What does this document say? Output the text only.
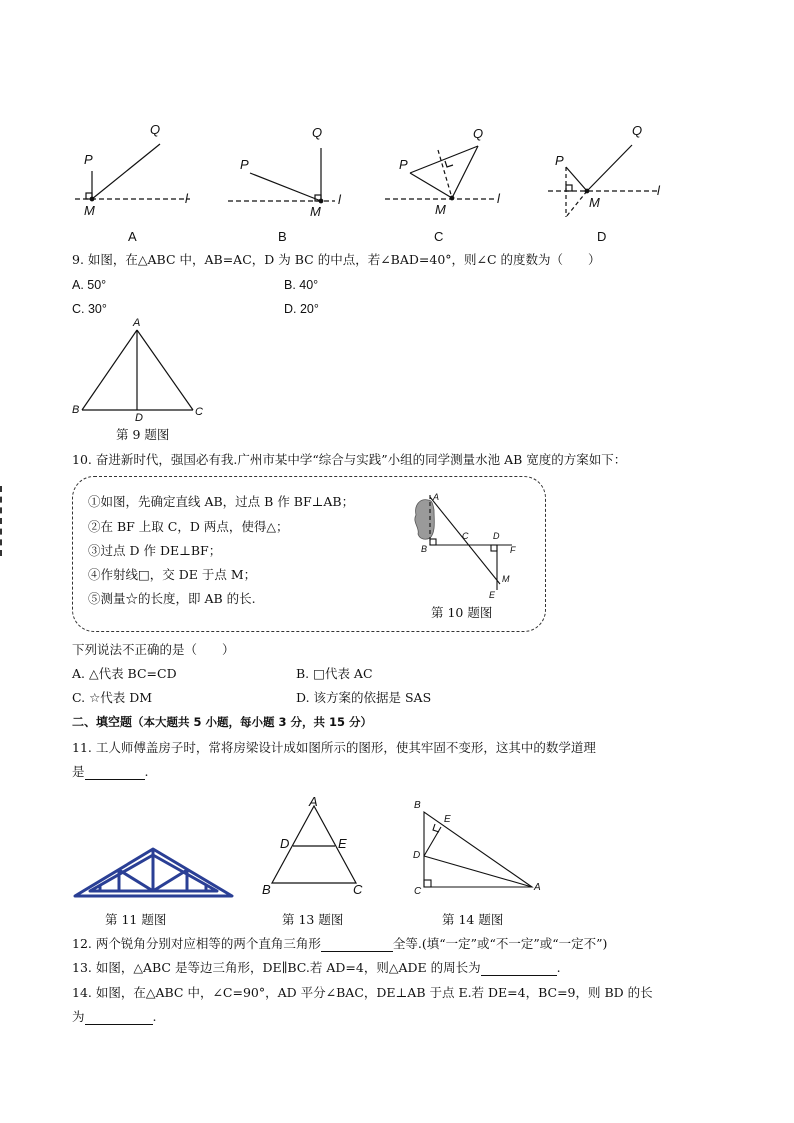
P
Q
M
l
P
Q
M
l
P
Q
M
l
P
Q
M
l
A	B	C	D
9. 如图，在△ABC 中，AB=AC，D 为 BC 的中点，若∠BAD=40°，则∠C 的度数为（　　）
A. 50°	B. 40°
C. 30°	D. 20°
A
B	C
D
第 9 题图
10. 奋进新时代，强国必有我.广州市某中学“综合与实践”小组的同学测量水池 AB 宽度的方案如下：
①如图，先确定直线 AB，过点 B 作 BF⊥AB；
②在 BF 上取 C，D 两点，使得△；
③过点 D 作 DE⊥BF；
④作射线□，交 DE 于点 M；
⑤测量☆的长度，即 AB 的长.
A
B
C	D
F
M
E
第 10 题图
下列说法不正确的是（　　）
A. △代表 BC=CD	B. □代表 AC
C. ☆代表 DM	D. 该方案的依据是 SAS
二、填空题（本大题共 5 小题，每小题 3 分，共 15 分）
11. 工人师傅盖房子时，常将房梁设计成如图所示的图形，使其牢固不变形，这其中的数学道理
是	.
第 11 题图
A
D	E
B	C
第 13 题图
B
E
D
C	A
第 14 题图
12. 两个锐角分别对应相等的两个直角三角形	全等.(填“一定”或“不一定”或“一定不”)
13. 如图，△ABC 是等边三角形，DE∥BC.若 AD=4，则△ADE 的周长为	.
14. 如图，在△ABC 中，∠C=90°，AD 平分∠BAC，DE⊥AB 于点 E.若 DE=4，BC=9，则 BD 的长
为	.
